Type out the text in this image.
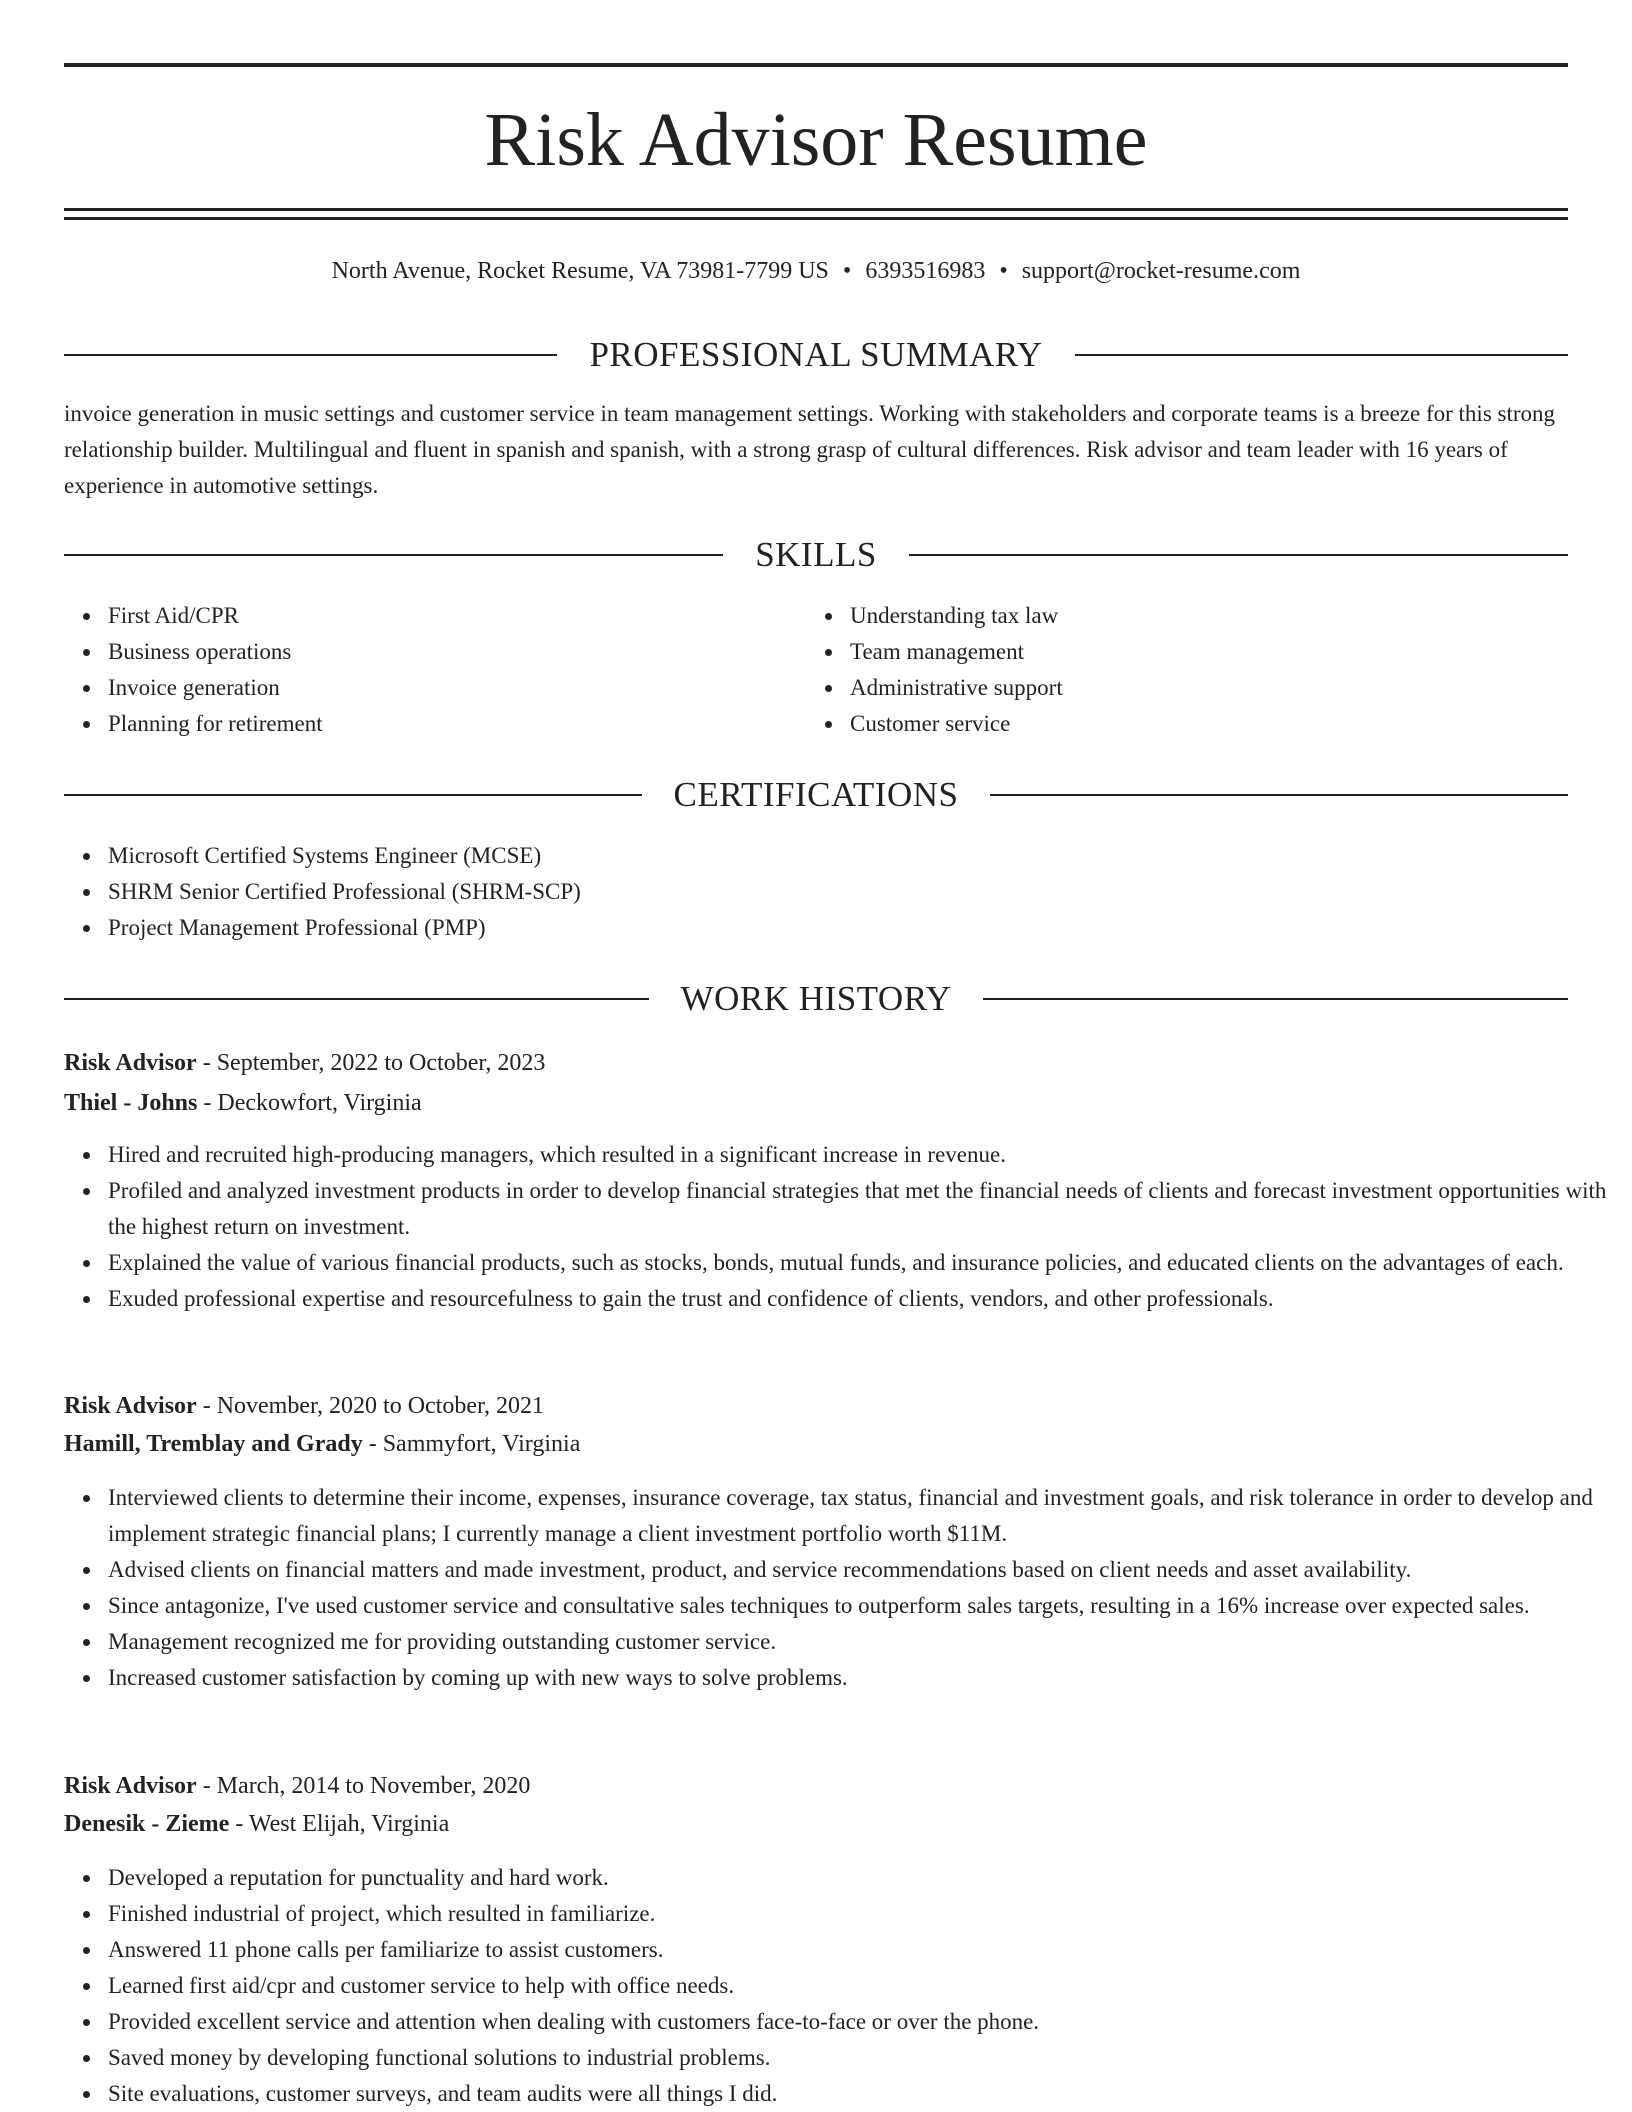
Risk Advisor Resume
North Avenue, Rocket Resume, VA 73981-7799 US • 6393516983 • support@rocket-resume.com
PROFESSIONAL SUMMARY

invoice generation in music settings and customer service in team management settings. Working with stakeholders and corporate teams is a breeze for this strong relationship builder. Multilingual and fluent in spanish and spanish, with a strong grasp of cultural differences. Risk advisor and team leader with 16 years of experience in automotive settings.

SKILLS
First Aid/CPR
Business operations
Invoice generation
Planning for retirement
Understanding tax law
Team management
Administrative support
Customer service
CERTIFICATIONS
Microsoft Certified Systems Engineer (MCSE)
SHRM Senior Certified Professional (SHRM-SCP)
Project Management Professional (PMP)
WORK HISTORY
Risk Advisor - September, 2022 to October, 2023
Thiel - Johns - Deckowfort, Virginia
Hired and recruited high-producing managers, which resulted in a significant increase in revenue.
Profiled and analyzed investment products in order to develop financial strategies that met the financial needs of clients and forecast investment opportunities with the highest return on investment.
Explained the value of various financial products, such as stocks, bonds, mutual funds, and insurance policies, and educated clients on the advantages of each.
Exuded professional expertise and resourcefulness to gain the trust and confidence of clients, vendors, and other professionals.
Risk Advisor - November, 2020 to October, 2021
Hamill, Tremblay and Grady - Sammyfort, Virginia
Interviewed clients to determine their income, expenses, insurance coverage, tax status, financial and investment goals, and risk tolerance in order to develop and implement strategic financial plans; I currently manage a client investment portfolio worth $11M.
Advised clients on financial matters and made investment, product, and service recommendations based on client needs and asset availability.
Since antagonize, I've used customer service and consultative sales techniques to outperform sales targets, resulting in a 16% increase over expected sales.
Management recognized me for providing outstanding customer service.
Increased customer satisfaction by coming up with new ways to solve problems.
Risk Advisor - March, 2014 to November, 2020
Denesik - Zieme - West Elijah, Virginia
Developed a reputation for punctuality and hard work.
Finished industrial of project, which resulted in familiarize.
Answered 11 phone calls per familiarize to assist customers.
Learned first aid/cpr and customer service to help with office needs.
Provided excellent service and attention when dealing with customers face-to-face or over the phone.
Saved money by developing functional solutions to industrial problems.
Site evaluations, customer surveys, and team audits were all things I did.
